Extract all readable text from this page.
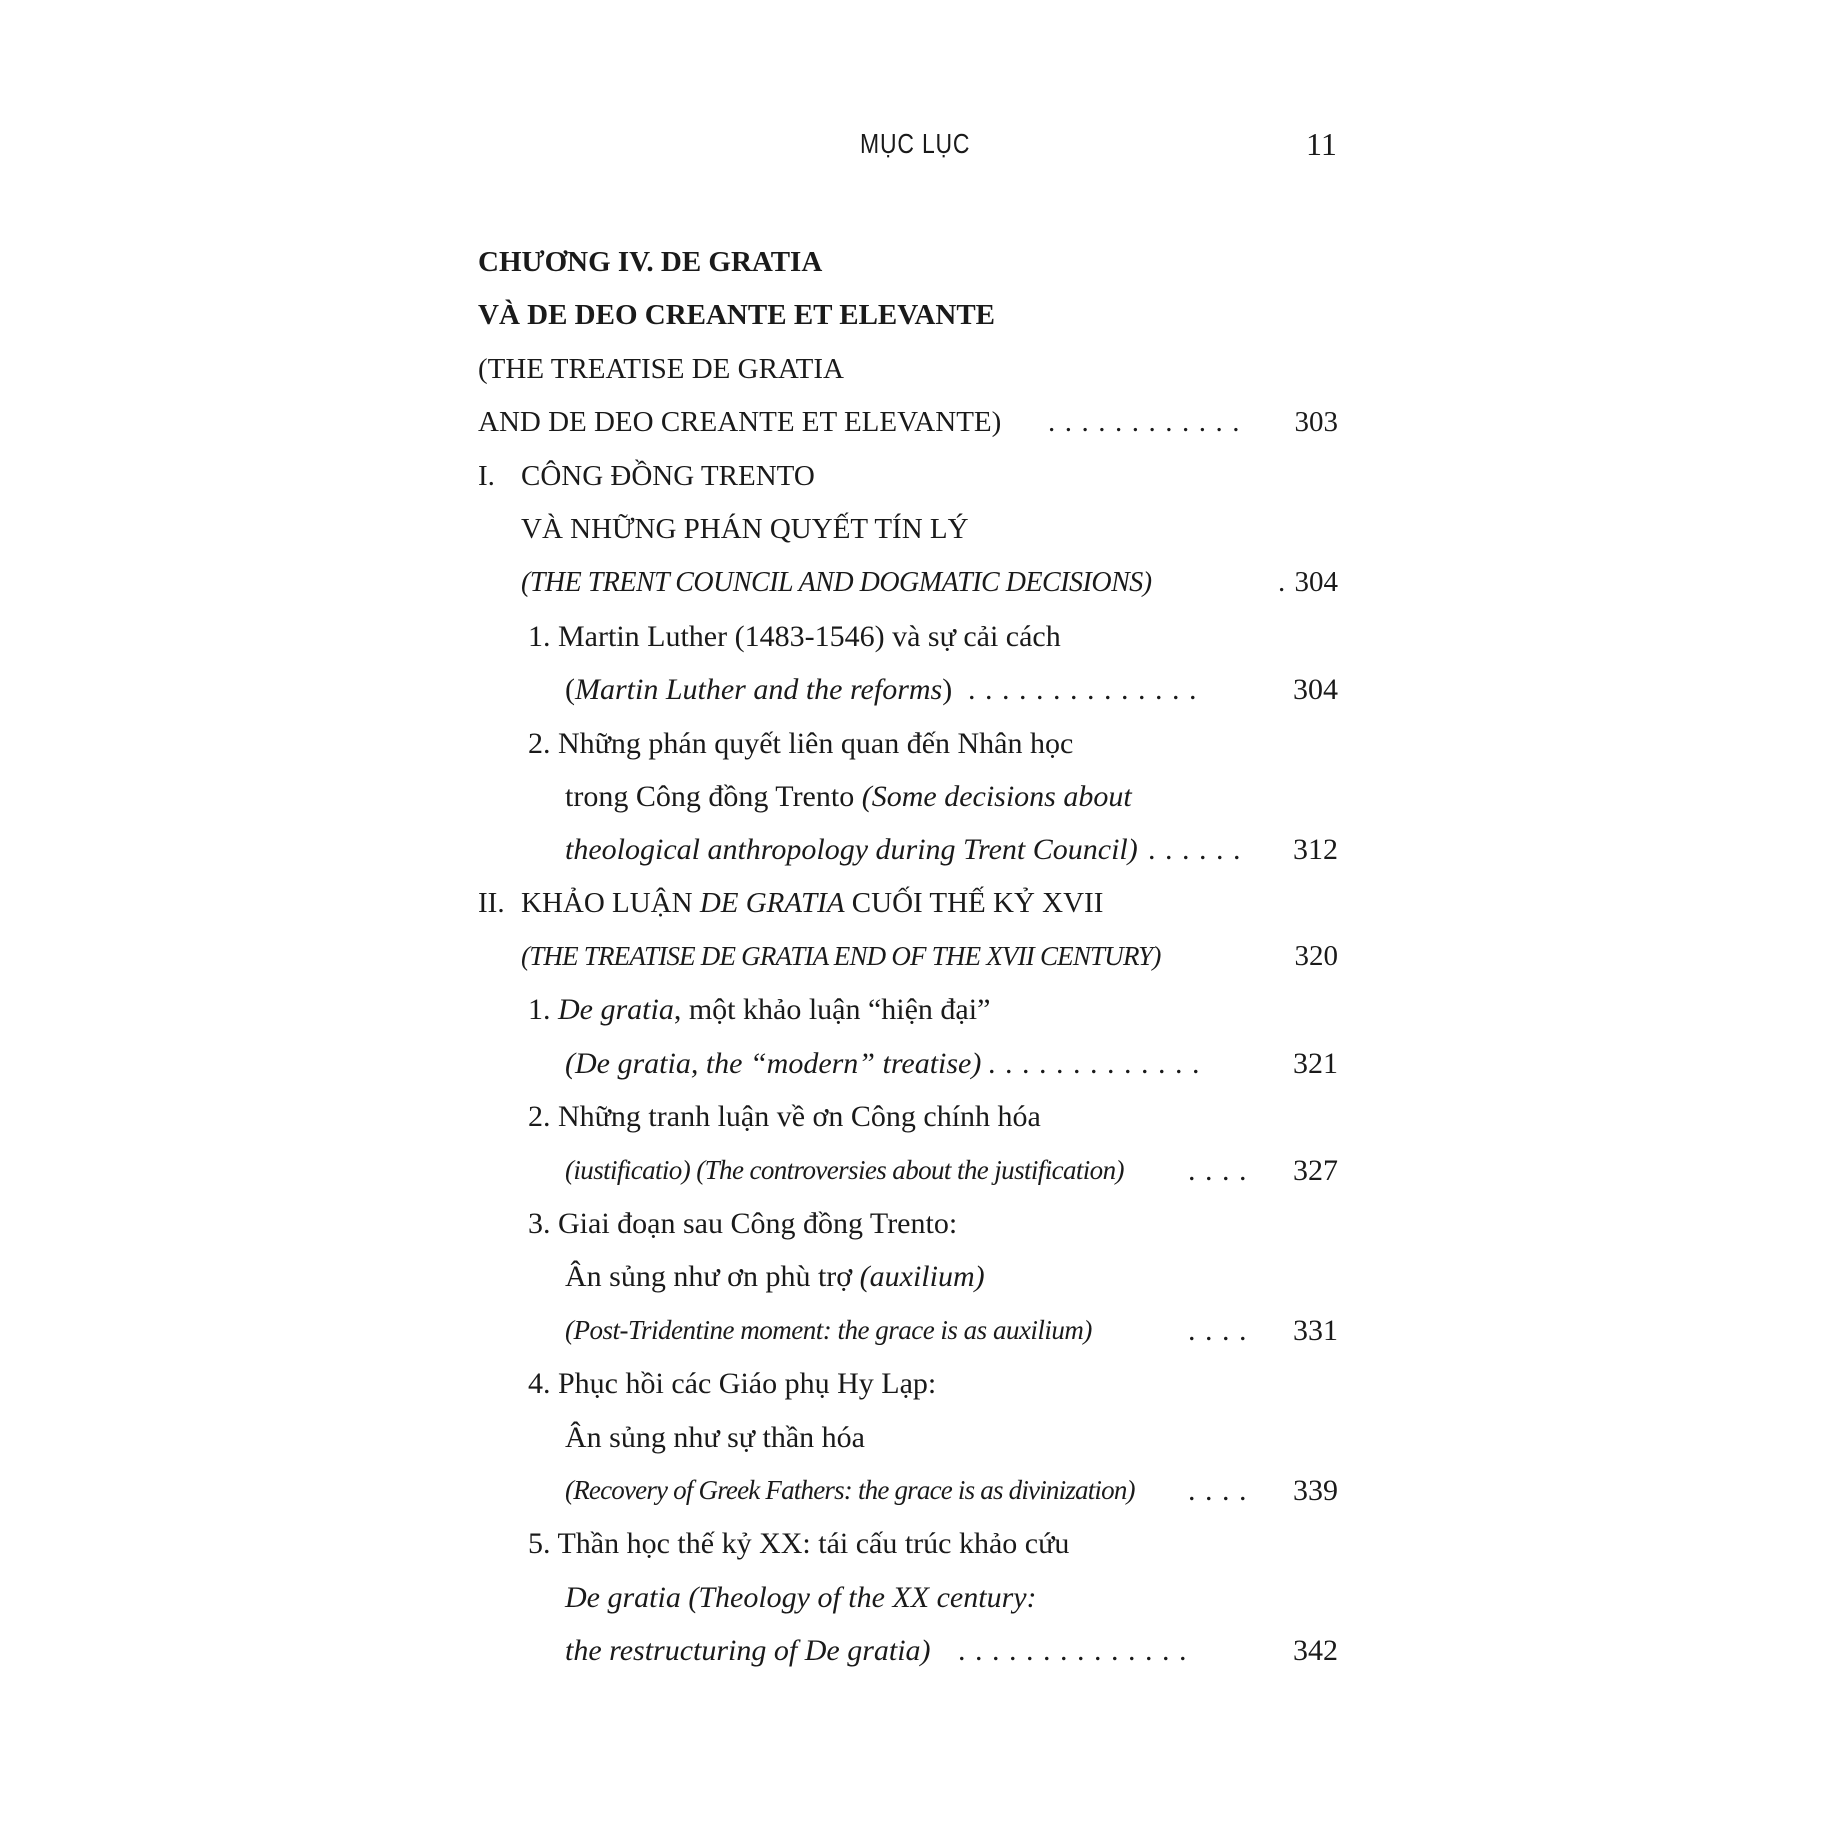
MỤC LỤC	11
CHƯƠNG IV. DE GRATIA
VÀ DE DEO CREANTE ET ELEVANTE
(THE TREATISE DE GRATIA
AND DE DEO CREANTE ET ELEVANTE) ............	303
I. CÔNG ĐỒNG TRENTO
VÀ NHỮNG PHÁN QUYẾT TÍN LÝ
(THE TRENT COUNCIL AND DOGMATIC DECISIONS)	. 304
1. Martin Luther (1483-1546) và sự cải cách
(Martin Luther and the reforms) ..............	304
2. Những phán quyết liên quan đến Nhân học
trong Công đồng Trento (Some decisions about
theological anthropology during Trent Council) ......	312
II. KHẢO LUẬN DE GRATIA CUỐI THẾ KỶ XVII
(THE TREATISE DE GRATIA END OF THE XVII CENTURY)	320
1. De gratia, một khảo luận “hiện đại”
(De gratia, the “modern” treatise) .............	321
2. Những tranh luận về ơn Công chính hóa
(iustificatio) (The controversies about the justification) ....	327
3. Giai đoạn sau Công đồng Trento:
Ân sủng như ơn phù trợ (auxilium)
(Post-Tridentine moment: the grace is as auxilium)	....	331
4. Phục hồi các Giáo phụ Hy Lạp:
Ân sủng như sự thần hóa
(Recovery of Greek Fathers: the grace is as divinization) ....	339
5. Thần học thế kỷ XX: tái cấu trúc khảo cứu
De gratia (Theology of the XX century:
the restructuring of De gratia) ..............	342
